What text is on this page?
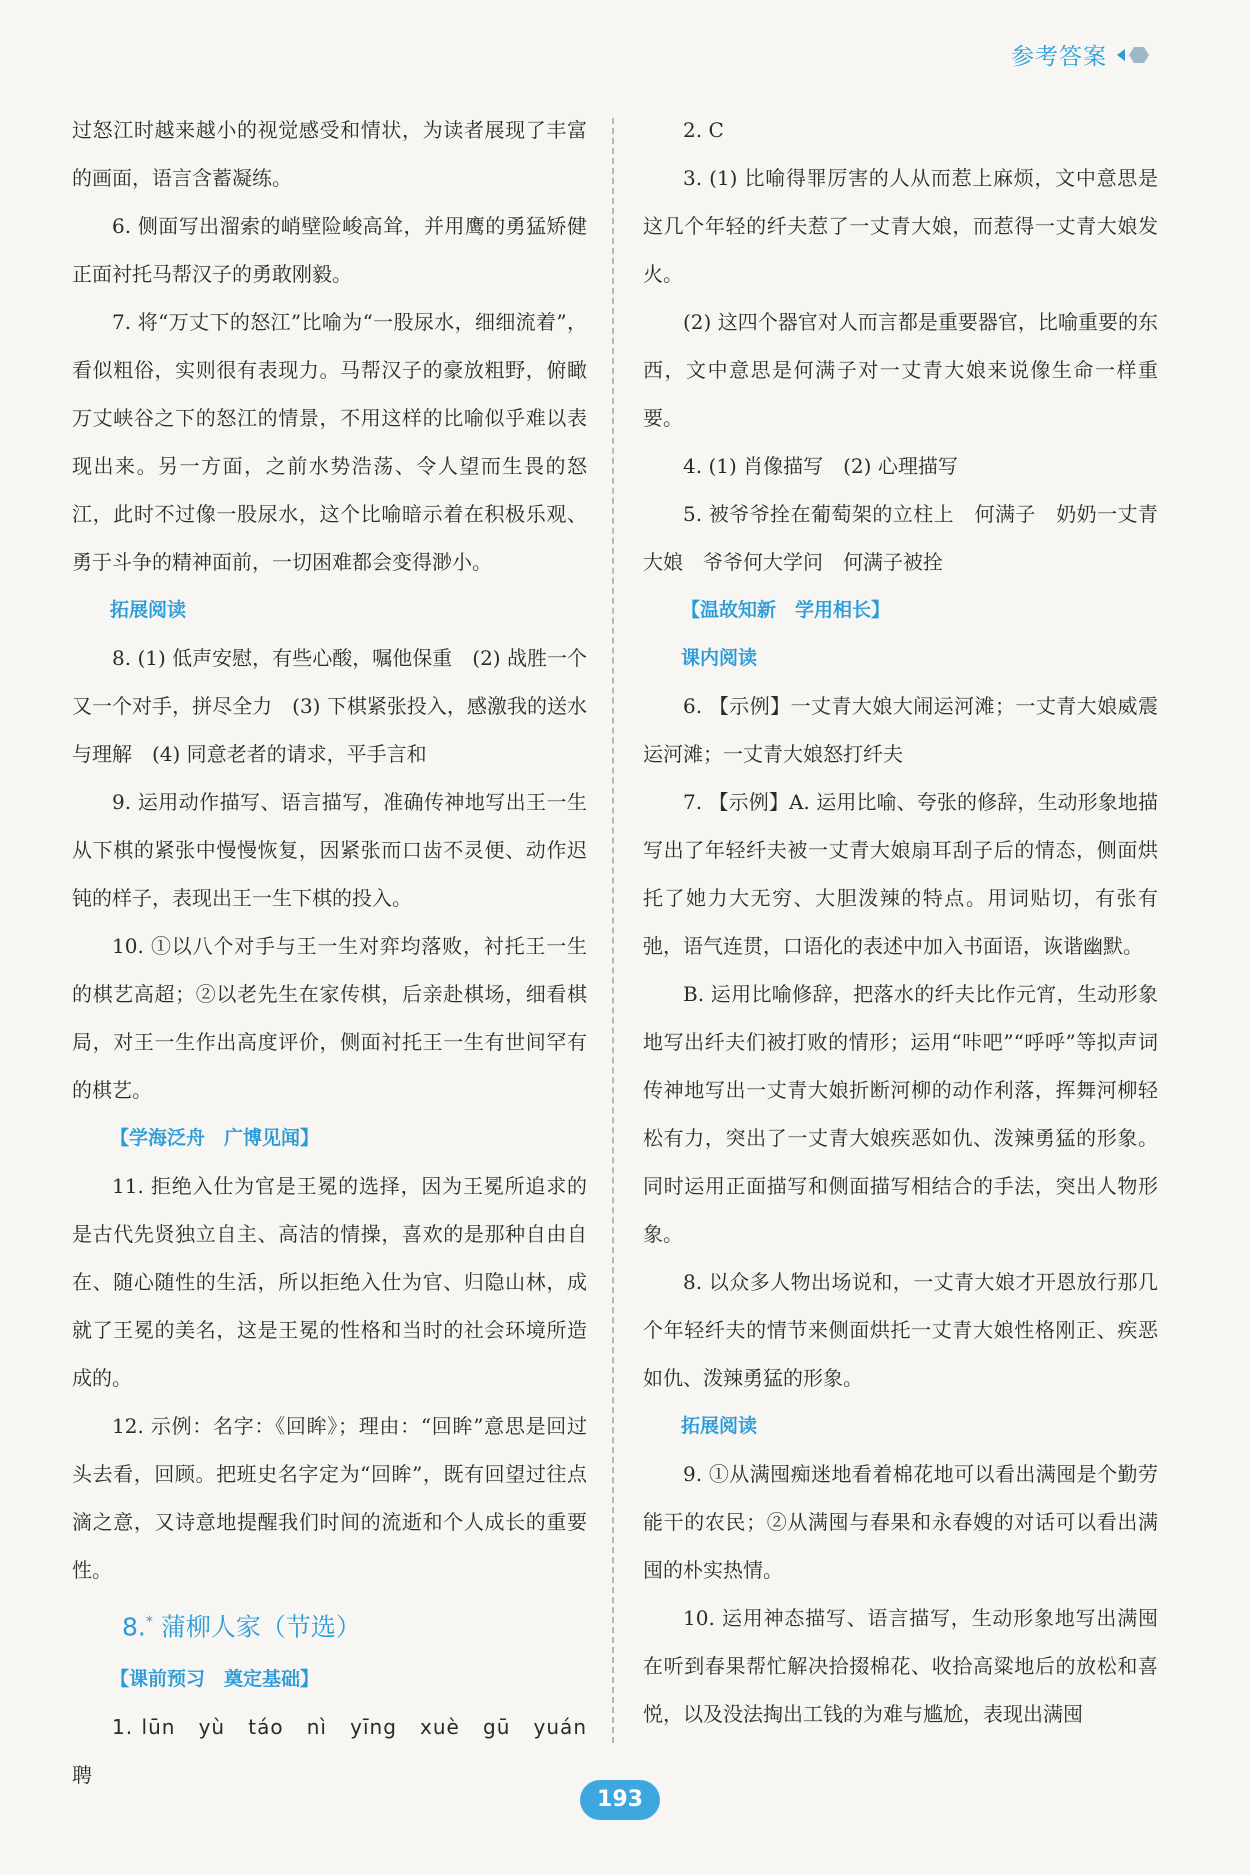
参考答案

过怒江时越来越小的视觉感受和情状，为读者展现了丰富的画面，语言含蓄凝练。

6. 侧面写出溜索的峭壁险峻高耸，并用鹰的勇猛矫健正面衬托马帮汉子的勇敢刚毅。

7. 将“万丈下的怒江”比喻为“一股尿水，细细流着”，看似粗俗，实则很有表现力。马帮汉子的豪放粗野，俯瞰万丈峡谷之下的怒江的情景，不用这样的比喻似乎难以表现出来。另一方面，之前水势浩荡、令人望而生畏的怒江，此时不过像一股尿水，这个比喻暗示着在积极乐观、勇于斗争的精神面前，一切困难都会变得渺小。

拓展阅读

8. (1) 低声安慰，有些心酸，嘱他保重　(2) 战胜一个又一个对手，拼尽全力　(3) 下棋紧张投入，感激我的送水与理解　(4) 同意老者的请求，平手言和

9. 运用动作描写、语言描写，准确传神地写出王一生从下棋的紧张中慢慢恢复，因紧张而口齿不灵便、动作迟钝的样子，表现出王一生下棋的投入。

10. ①以八个对手与王一生对弈均落败，衬托王一生的棋艺高超；②以老先生在家传棋，后亲赴棋场，细看棋局，对王一生作出高度评价，侧面衬托王一生有世间罕有的棋艺。

【学海泛舟　广博见闻】

11. 拒绝入仕为官是王冕的选择，因为王冕所追求的是古代先贤独立自主、高洁的情操，喜欢的是那种自由自在、随心随性的生活，所以拒绝入仕为官、归隐山林，成就了王冕的美名，这是王冕的性格和当时的社会环境所造成的。

12. 示例：名字：《回眸》；理由：“回眸”意思是回过头去看，回顾。把班史名字定为“回眸”，既有回望过往点滴之意，又诗意地提醒我们时间的流逝和个人成长的重要性。

8.* 蒲柳人家（节选）

【课前预习　奠定基础】

1. lūn　yù　táo　nì　yīng　xuè　gū　yuán　聘

2. C

3. (1) 比喻得罪厉害的人从而惹上麻烦，文中意思是这几个年轻的纤夫惹了一丈青大娘，而惹得一丈青大娘发火。

(2) 这四个器官对人而言都是重要器官，比喻重要的东西，文中意思是何满子对一丈青大娘来说像生命一样重要。

4. (1) 肖像描写　(2) 心理描写

5. 被爷爷拴在葡萄架的立柱上　何满子　奶奶一丈青大娘　爷爷何大学问　何满子被拴

【温故知新　学用相长】

课内阅读

6. 【示例】一丈青大娘大闹运河滩；一丈青大娘威震运河滩；一丈青大娘怒打纤夫

7. 【示例】A. 运用比喻、夸张的修辞，生动形象地描写出了年轻纤夫被一丈青大娘扇耳刮子后的情态，侧面烘托了她力大无穷、大胆泼辣的特点。用词贴切，有张有弛，语气连贯，口语化的表述中加入书面语，诙谐幽默。

B. 运用比喻修辞，把落水的纤夫比作元宵，生动形象地写出纤夫们被打败的情形；运用“咔吧”“呼呼”等拟声词传神地写出一丈青大娘折断河柳的动作利落，挥舞河柳轻松有力，突出了一丈青大娘疾恶如仇、泼辣勇猛的形象。同时运用正面描写和侧面描写相结合的手法，突出人物形象。

8. 以众多人物出场说和，一丈青大娘才开恩放行那几个年轻纤夫的情节来侧面烘托一丈青大娘性格刚正、疾恶如仇、泼辣勇猛的形象。

拓展阅读

9. ①从满囤痴迷地看着棉花地可以看出满囤是个勤劳能干的农民；②从满囤与春果和永春嫂的对话可以看出满囤的朴实热情。

10. 运用神态描写、语言描写，生动形象地写出满囤在听到春果帮忙解决拾掇棉花、收拾高粱地后的放松和喜悦，以及没法掏出工钱的为难与尴尬，表现出满囤

193
